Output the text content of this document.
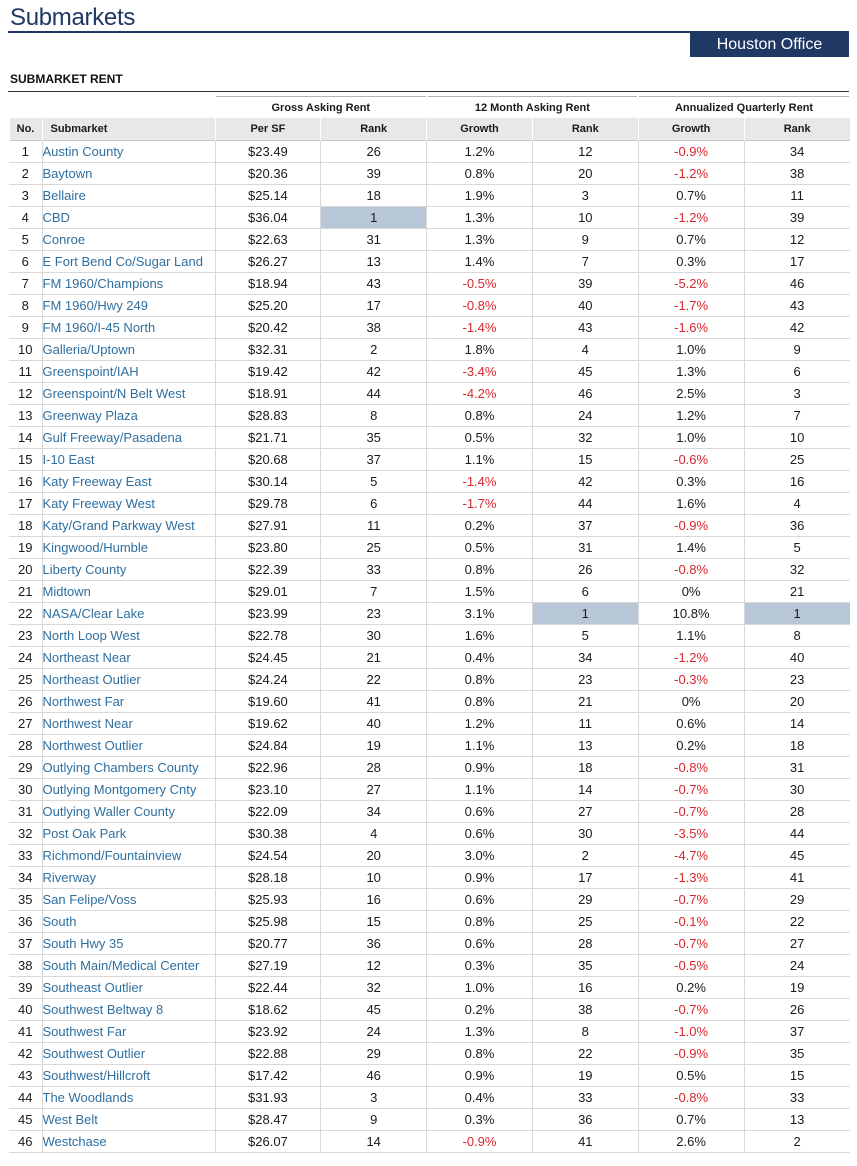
Submarkets
Houston Office
SUBMARKET RENT
		Gross Asking Rent		12 Month Asking Rent		Annualized Quarterly Rent	
No.	Submarket	Per SF	Rank	Growth	Rank	Growth	Rank
1	Austin County	$23.49	26	1.2%	12	-0.9%	34
2	Baytown	$20.36	39	0.8%	20	-1.2%	38
3	Bellaire	$25.14	18	1.9%	3	0.7%	11
4	CBD	$36.04	1	1.3%	10	-1.2%	39
5	Conroe	$22.63	31	1.3%	9	0.7%	12
6	E Fort Bend Co/Sugar Land	$26.27	13	1.4%	7	0.3%	17
7	FM 1960/Champions	$18.94	43	-0.5%	39	-5.2%	46
8	FM 1960/Hwy 249	$25.20	17	-0.8%	40	-1.7%	43
9	FM 1960/I-45 North	$20.42	38	-1.4%	43	-1.6%	42
10	Galleria/Uptown	$32.31	2	1.8%	4	1.0%	9
11	Greenspoint/IAH	$19.42	42	-3.4%	45	1.3%	6
12	Greenspoint/N Belt West	$18.91	44	-4.2%	46	2.5%	3
13	Greenway Plaza	$28.83	8	0.8%	24	1.2%	7
14	Gulf Freeway/Pasadena	$21.71	35	0.5%	32	1.0%	10
15	I-10 East	$20.68	37	1.1%	15	-0.6%	25
16	Katy Freeway East	$30.14	5	-1.4%	42	0.3%	16
17	Katy Freeway West	$29.78	6	-1.7%	44	1.6%	4
18	Katy/Grand Parkway West	$27.91	11	0.2%	37	-0.9%	36
19	Kingwood/Humble	$23.80	25	0.5%	31	1.4%	5
20	Liberty County	$22.39	33	0.8%	26	-0.8%	32
21	Midtown	$29.01	7	1.5%	6	0%	21
22	NASA/Clear Lake	$23.99	23	3.1%	1	10.8%	1
23	North Loop West	$22.78	30	1.6%	5	1.1%	8
24	Northeast Near	$24.45	21	0.4%	34	-1.2%	40
25	Northeast Outlier	$24.24	22	0.8%	23	-0.3%	23
26	Northwest Far	$19.60	41	0.8%	21	0%	20
27	Northwest Near	$19.62	40	1.2%	11	0.6%	14
28	Northwest Outlier	$24.84	19	1.1%	13	0.2%	18
29	Outlying Chambers County	$22.96	28	0.9%	18	-0.8%	31
30	Outlying Montgomery Cnty	$23.10	27	1.1%	14	-0.7%	30
31	Outlying Waller County	$22.09	34	0.6%	27	-0.7%	28
32	Post Oak Park	$30.38	4	0.6%	30	-3.5%	44
33	Richmond/Fountainview	$24.54	20	3.0%	2	-4.7%	45
34	Riverway	$28.18	10	0.9%	17	-1.3%	41
35	San Felipe/Voss	$25.93	16	0.6%	29	-0.7%	29
36	South	$25.98	15	0.8%	25	-0.1%	22
37	South Hwy 35	$20.77	36	0.6%	28	-0.7%	27
38	South Main/Medical Center	$27.19	12	0.3%	35	-0.5%	24
39	Southeast Outlier	$22.44	32	1.0%	16	0.2%	19
40	Southwest Beltway 8	$18.62	45	0.2%	38	-0.7%	26
41	Southwest Far	$23.92	24	1.3%	8	-1.0%	37
42	Southwest Outlier	$22.88	29	0.8%	22	-0.9%	35
43	Southwest/Hillcroft	$17.42	46	0.9%	19	0.5%	15
44	The Woodlands	$31.93	3	0.4%	33	-0.8%	33
45	West Belt	$28.47	9	0.3%	36	0.7%	13
46	Westchase	$26.07	14	-0.9%	41	2.6%	2
